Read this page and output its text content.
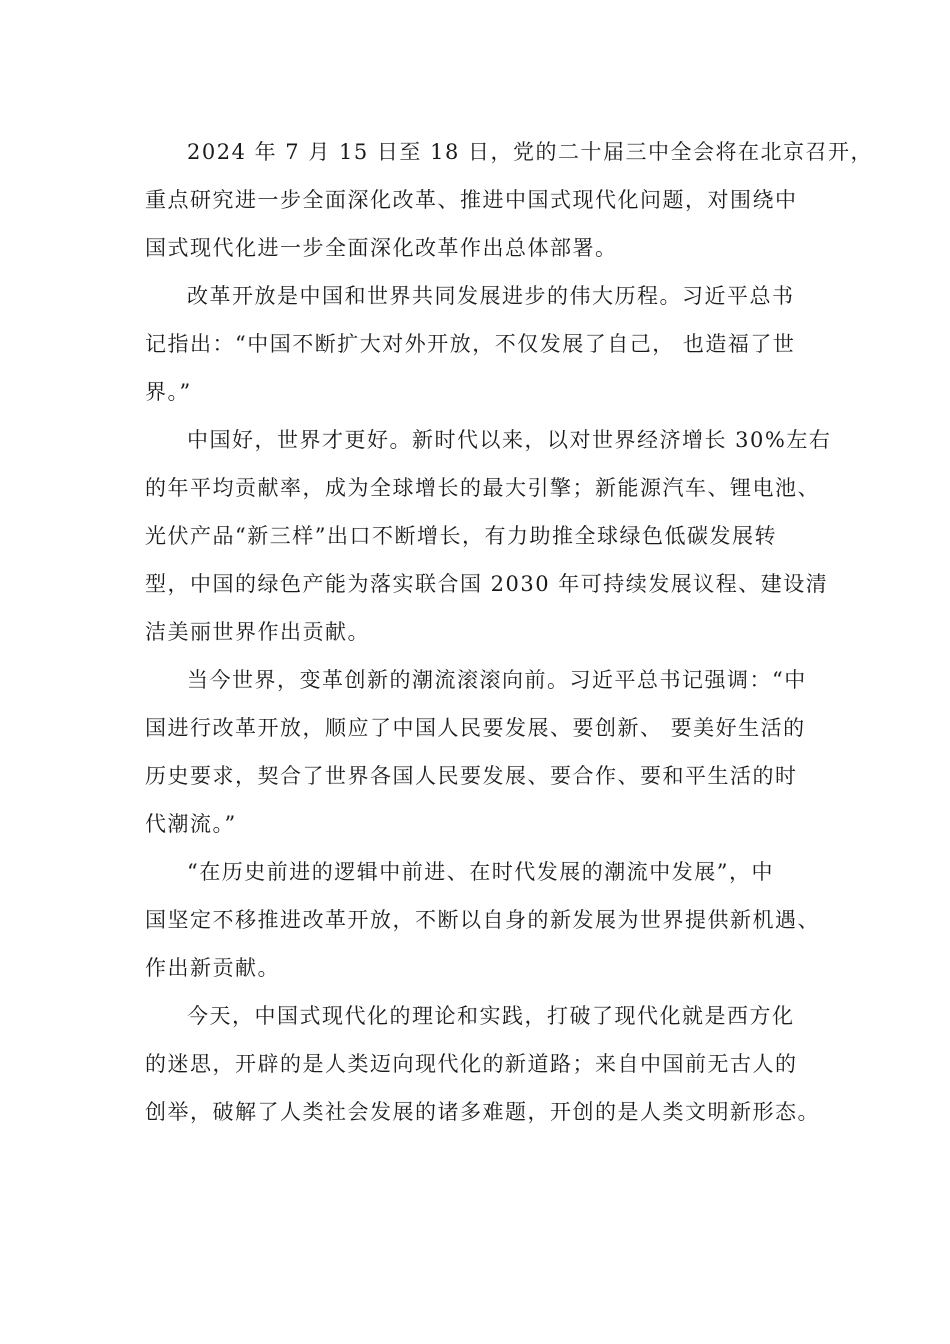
2024 年 7 月 15 日至 18 日，党的二十届三中全会将在北京召开，
重点研究进一步全面深化改革、推进中国式现代化问题，对围绕中
国式现代化进一步全面深化改革作出总体部署。

改革开放是中国和世界共同发展进步的伟大历程。习近平总书
记指出：“中国不断扩大对外开放，不仅发展了自己， 也造福了世
界。”

中国好，世界才更好。新时代以来，以对世界经济增长 30%左右
的年平均贡献率，成为全球增长的最大引擎；新能源汽车、锂电池、
光伏产品“新三样”出口不断增长，有力助推全球绿色低碳发展转
型，中国的绿色产能为落实联合国 2030 年可持续发展议程、建设清
洁美丽世界作出贡献。

当今世界，变革创新的潮流滚滚向前。习近平总书记强调：“中
国进行改革开放，顺应了中国人民要发展、要创新、 要美好生活的
历史要求，契合了世界各国人民要发展、要合作、要和平生活的时
代潮流。”

“在历史前进的逻辑中前进、在时代发展的潮流中发展”，中
国坚定不移推进改革开放，不断以自身的新发展为世界提供新机遇、
作出新贡献。

今天，中国式现代化的理论和实践，打破了现代化就是西方化
的迷思，开辟的是人类迈向现代化的新道路；来自中国前无古人的
创举，破解了人类社会发展的诸多难题，开创的是人类文明新形态。
